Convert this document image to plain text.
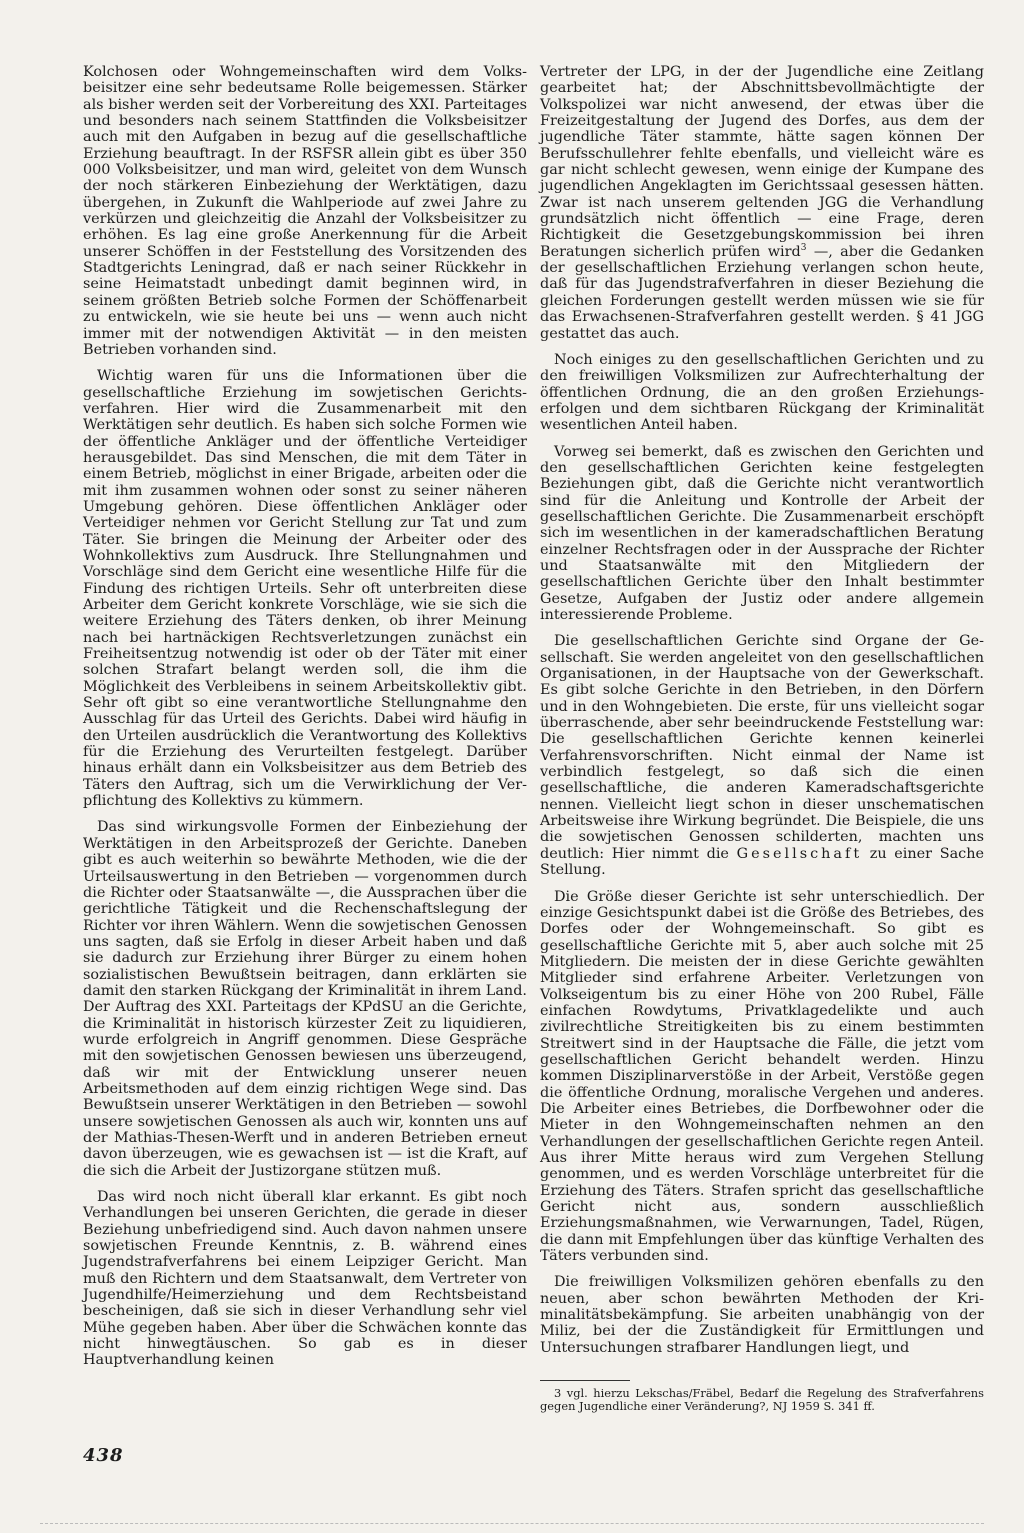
Kolchosen oder Wohngemeinschaften wird dem Volksbeisitzer eine sehr bedeutsame Rolle beigemessen. Stärker als bisher werden seit der Vorbereitung des XXI. Parteitages und besonders nach seinem Stattfinden die Volksbeisitzer auch mit den Aufgaben in bezug auf die gesellschaftliche Erziehung beauftragt. In der RSFSR allein gibt es über 350 000 Volksbeisitzer, und man wird, geleitet von dem Wunsch der noch stärkeren Einbeziehung der Werktätigen, dazu übergehen, in Zukunft die Wahlperiode auf zwei Jahre zu verkürzen und gleichzeitig die Anzahl der Volksbeisitzer zu erhöhen. Es lag eine große Anerkennung für die Arbeit unserer Schöffen in der Feststellung des Vorsitzenden des Stadtgerichts Leningrad, daß er nach seiner Rückkehr in seine Heimatstadt unbedingt damit beginnen wird, in seinem größten Betrieb solche Formen der Schöffenarbeit zu entwickeln, wie sie heute bei uns — wenn auch nicht immer mit der notwendigen Aktivität — in den meisten Betrieben vorhanden sind.

Wichtig waren für uns die Informationen über die gesellschaftliche Erziehung im sowjetischen Gerichtsverfahren. Hier wird die Zusammenarbeit mit den Werktätigen sehr deutlich. Es haben sich solche Formen wie der öffentliche Ankläger und der öffentliche Verteidiger herausgebildet. Das sind Menschen, die mit dem Täter in einem Betrieb, möglichst in einer Brigade, arbeiten oder die mit ihm zusammen wohnen oder sonst zu seiner näheren Umgebung gehören. Diese öffentlichen Ankläger oder Verteidiger nehmen vor Gericht Stellung zur Tat und zum Täter. Sie bringen die Meinung der Arbeiter oder des Wohnkollektivs zum Ausdruck. Ihre Stellungnahmen und Vorschläge sind dem Gericht eine wesentliche Hilfe für die Findung des richtigen Urteils. Sehr oft unterbreiten diese Arbeiter dem Gericht konkrete Vorschläge, wie sie sich die weitere Erziehung des Täters denken, ob ihrer Meinung nach bei hartnäckigen Rechtsverletzungen zunächst ein Freiheitsentzug notwendig ist oder ob der Täter mit einer solchen Strafart belangt werden soll, die ihm die Möglichkeit des Verbleibens in seinem Arbeitskollektiv gibt. Sehr oft gibt so eine verantwortliche Stellungnahme den Ausschlag für das Urteil des Gerichts. Dabei wird häufig in den Urteilen ausdrücklich die Verantwortung des Kollektivs für die Erziehung des Verurteilten festgelegt. Darüber hinaus erhält dann ein Volksbeisitzer aus dem Betrieb des Täters den Auftrag, sich um die Verwirklichung der Verpflichtung des Kollektivs zu kümmern.

Das sind wirkungsvolle Formen der Einbeziehung der Werktätigen in den Arbeitsprozeß der Gerichte. Daneben gibt es auch weiterhin so bewährte Methoden, wie die der Urteilsauswertung in den Betrieben — vorgenommen durch die Richter oder Staatsanwälte —, die Aussprachen über die gerichtliche Tätigkeit und die Rechenschaftslegung der Richter vor ihren Wählern. Wenn die sowjetischen Genossen uns sagten, daß sie Erfolg in dieser Arbeit haben und daß sie dadurch zur Erziehung ihrer Bürger zu einem hohen sozialistischen Bewußtsein beitragen, dann erklärten sie damit den starken Rückgang der Kriminalität in ihrem Land. Der Auftrag des XXI. Parteitags der KPdSU an die Gerichte, die Kriminalität in historisch kürzester Zeit zu liquidieren, wurde erfolgreich in Angriff genommen. Diese Gespräche mit den sowjetischen Genossen bewiesen uns überzeugend, daß wir mit der Entwicklung unserer neuen Arbeitsmethoden auf dem einzig richtigen Wege sind. Das Bewußtsein unserer Werktätigen in den Betrieben — sowohl unsere sowjetischen Genossen als auch wir, konnten uns auf der Mathias-Thesen-Werft und in anderen Betrieben erneut davon überzeugen, wie es gewachsen ist — ist die Kraft, auf die sich die Arbeit der Justizorgane stützen muß.

Das wird noch nicht überall klar erkannt. Es gibt noch Verhandlungen bei unseren Gerichten, die gerade in dieser Beziehung unbefriedigend sind. Auch davon nahmen unsere sowjetischen Freunde Kenntnis, z. B. während eines Jugendstrafverfahrens bei einem Leipziger Gericht. Man muß den Richtern und dem Staatsanwalt, dem Vertreter von Jugendhilfe/Heimerziehung und dem Rechtsbeistand bescheinigen, daß sie sich in dieser Verhandlung sehr viel Mühe gegeben haben. Aber über die Schwächen konnte das nicht hinwegtäuschen. So gab es in dieser Hauptverhandlung keinen

Vertreter der LPG, in der der Jugendliche eine Zeitlang gearbeitet hat; der Abschnittsbevollmächtigte der Volkspolizei war nicht anwesend, der etwas über die Freizeitgestaltung der Jugend des Dorfes, aus dem der jugendliche Täter stammte, hätte sagen können Der Berufsschullehrer fehlte ebenfalls, und vielleicht wäre es gar nicht schlecht gewesen, wenn einige der Kumpane des jugendlichen Angeklagten im Gerichtssaal gesessen hätten. Zwar ist nach unserem geltenden JGG die Verhandlung grundsätzlich nicht öffentlich — eine Frage, deren Richtigkeit die Gesetzgebungskommission bei ihren Beratungen sicherlich prüfen wird$^3$ —, aber die Gedanken der gesellschaftlichen Erziehung verlangen schon heute, daß für das Jugendstrafverfahren in dieser Beziehung die gleichen Forderungen gestellt werden müssen wie sie für das Erwachsenen-Strafverfahren gestellt werden. § 41 JGG gestattet das auch.

Noch einiges zu den gesellschaftlichen Gerichten und zu den freiwilligen Volksmilizen zur Aufrechterhaltung der öffentlichen Ordnung, die an den großen Erziehungserfolgen und dem sichtbaren Rückgang der Kriminalität wesentlichen Anteil haben.

Vorweg sei bemerkt, daß es zwischen den Gerichten und den gesellschaftlichen Gerichten keine festgelegten Beziehungen gibt, daß die Gerichte nicht verantwortlich sind für die Anleitung und Kontrolle der Arbeit der gesellschaftlichen Gerichte. Die Zusammenarbeit erschöpft sich im wesentlichen in der kameradschaftlichen Beratung einzelner Rechtsfragen oder in der Aussprache der Richter und Staatsanwälte mit den Mitgliedern der gesellschaftlichen Gerichte über den Inhalt bestimmter Gesetze, Aufgaben der Justiz oder andere allgemein interessierende Probleme.

Die gesellschaftlichen Gerichte sind Organe der Gesellschaft. Sie werden angeleitet von den gesellschaftlichen Organisationen, in der Hauptsache von der Gewerkschaft. Es gibt solche Gerichte in den Betrieben, in den Dörfern und in den Wohngebieten. Die erste, für uns vielleicht sogar überraschende, aber sehr beeindruckende Feststellung war: Die gesellschaftlichen Gerichte kennen keinerlei Verfahrensvorschriften. Nicht einmal der Name ist verbindlich festgelegt, so daß sich die einen gesellschaftliche, die anderen Kameradschaftsgerichte nennen. Vielleicht liegt schon in dieser unschematischen Arbeitsweise ihre Wirkung begründet. Die Beispiele, die uns die sowjetischen Genossen schilderten, machten uns deutlich: Hier nimmt die Gesellschaft zu einer Sache Stellung.

Die Größe dieser Gerichte ist sehr unterschiedlich. Der einzige Gesichtspunkt dabei ist die Größe des Betriebes, des Dorfes oder der Wohngemeinschaft. So gibt es gesellschaftliche Gerichte mit 5, aber auch solche mit 25 Mitgliedern. Die meisten der in diese Gerichte gewählten Mitglieder sind erfahrene Arbeiter. Verletzungen von Volkseigentum bis zu einer Höhe von 200 Rubel, Fälle einfachen Rowdytums, Privatklagedelikte und auch zivilrechtliche Streitigkeiten bis zu einem bestimmten Streitwert sind in der Hauptsache die Fälle, die jetzt vom gesellschaftlichen Gericht behandelt werden. Hinzu kommen Disziplinarverstöße in der Arbeit, Verstöße gegen die öffentliche Ordnung, moralische Vergehen und anderes. Die Arbeiter eines Betriebes, die Dorfbewohner oder die Mieter in den Wohngemeinschaften nehmen an den Verhandlungen der gesellschaftlichen Gerichte regen Anteil. Aus ihrer Mitte heraus wird zum Vergehen Stellung genommen, und es werden Vorschläge unterbreitet für die Erziehung des Täters. Strafen spricht das gesellschaftliche Gericht nicht aus, sondern ausschließlich Erziehungsmaßnahmen, wie Verwarnungen, Tadel, Rügen, die dann mit Empfehlungen über das künftige Verhalten des Täters verbunden sind.

Die freiwilligen Volksmilizen gehören ebenfalls zu den neuen, aber schon bewährten Methoden der Kriminalitätsbekämpfung. Sie arbeiten unabhängig von der Miliz, bei der die Zuständigkeit für Ermittlungen und Untersuchungen strafbarer Handlungen liegt, und

3 vgl. hierzu Lekschas/Fräbel, Bedarf die Regelung des Strafverfahrens gegen Jugendliche einer Veränderung?, NJ 1959 S. 341 ff.

438
